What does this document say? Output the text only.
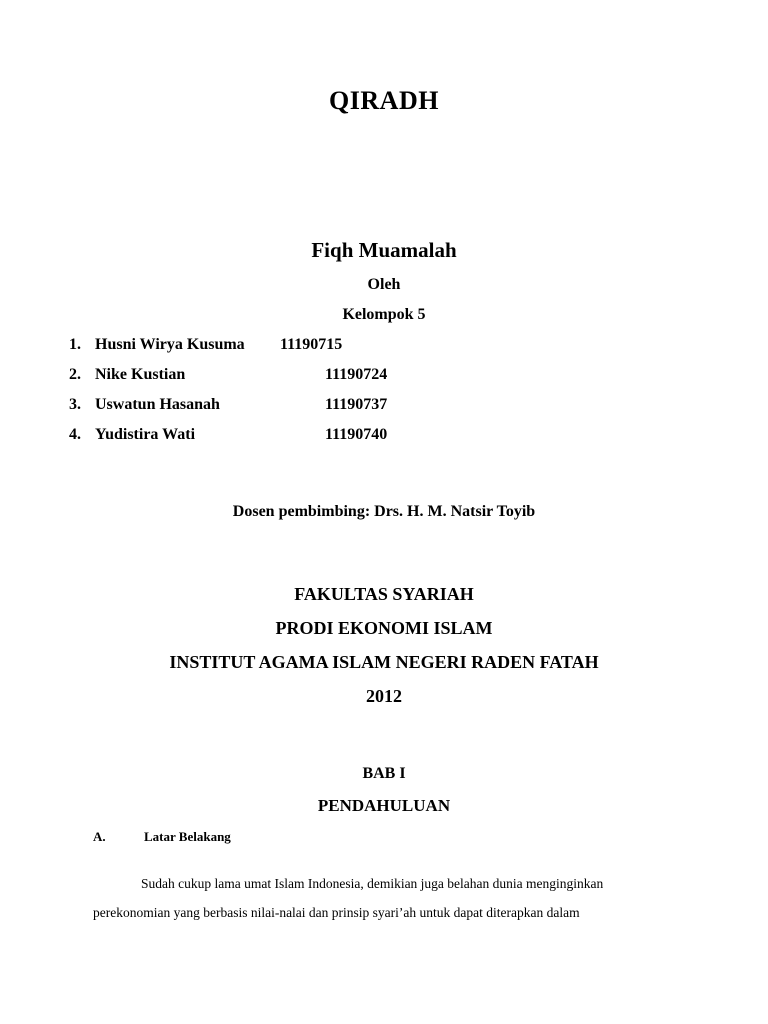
QIRADH
Fiqh Muamalah
Oleh
Kelompok 5
1. Husni Wirya Kusuma 11190715
2. Nike Kustian	11190724
3. Uswatun Hasanah	11190737
4. Yudistira Wati	11190740
Dosen pembimbing: Drs. H. M. Natsir Toyib
FAKULTAS SYARIAH
PRODI EKONOMI ISLAM
INSTITUT AGAMA ISLAM NEGERI RADEN FATAH
2012
BAB I
PENDAHULUAN
A.	Latar Belakang
Sudah cukup lama umat Islam Indonesia, demikian juga belahan dunia menginginkan
perekonomian yang berbasis nilai-nalai dan prinsip syari’ah untuk dapat diterapkan dalam
